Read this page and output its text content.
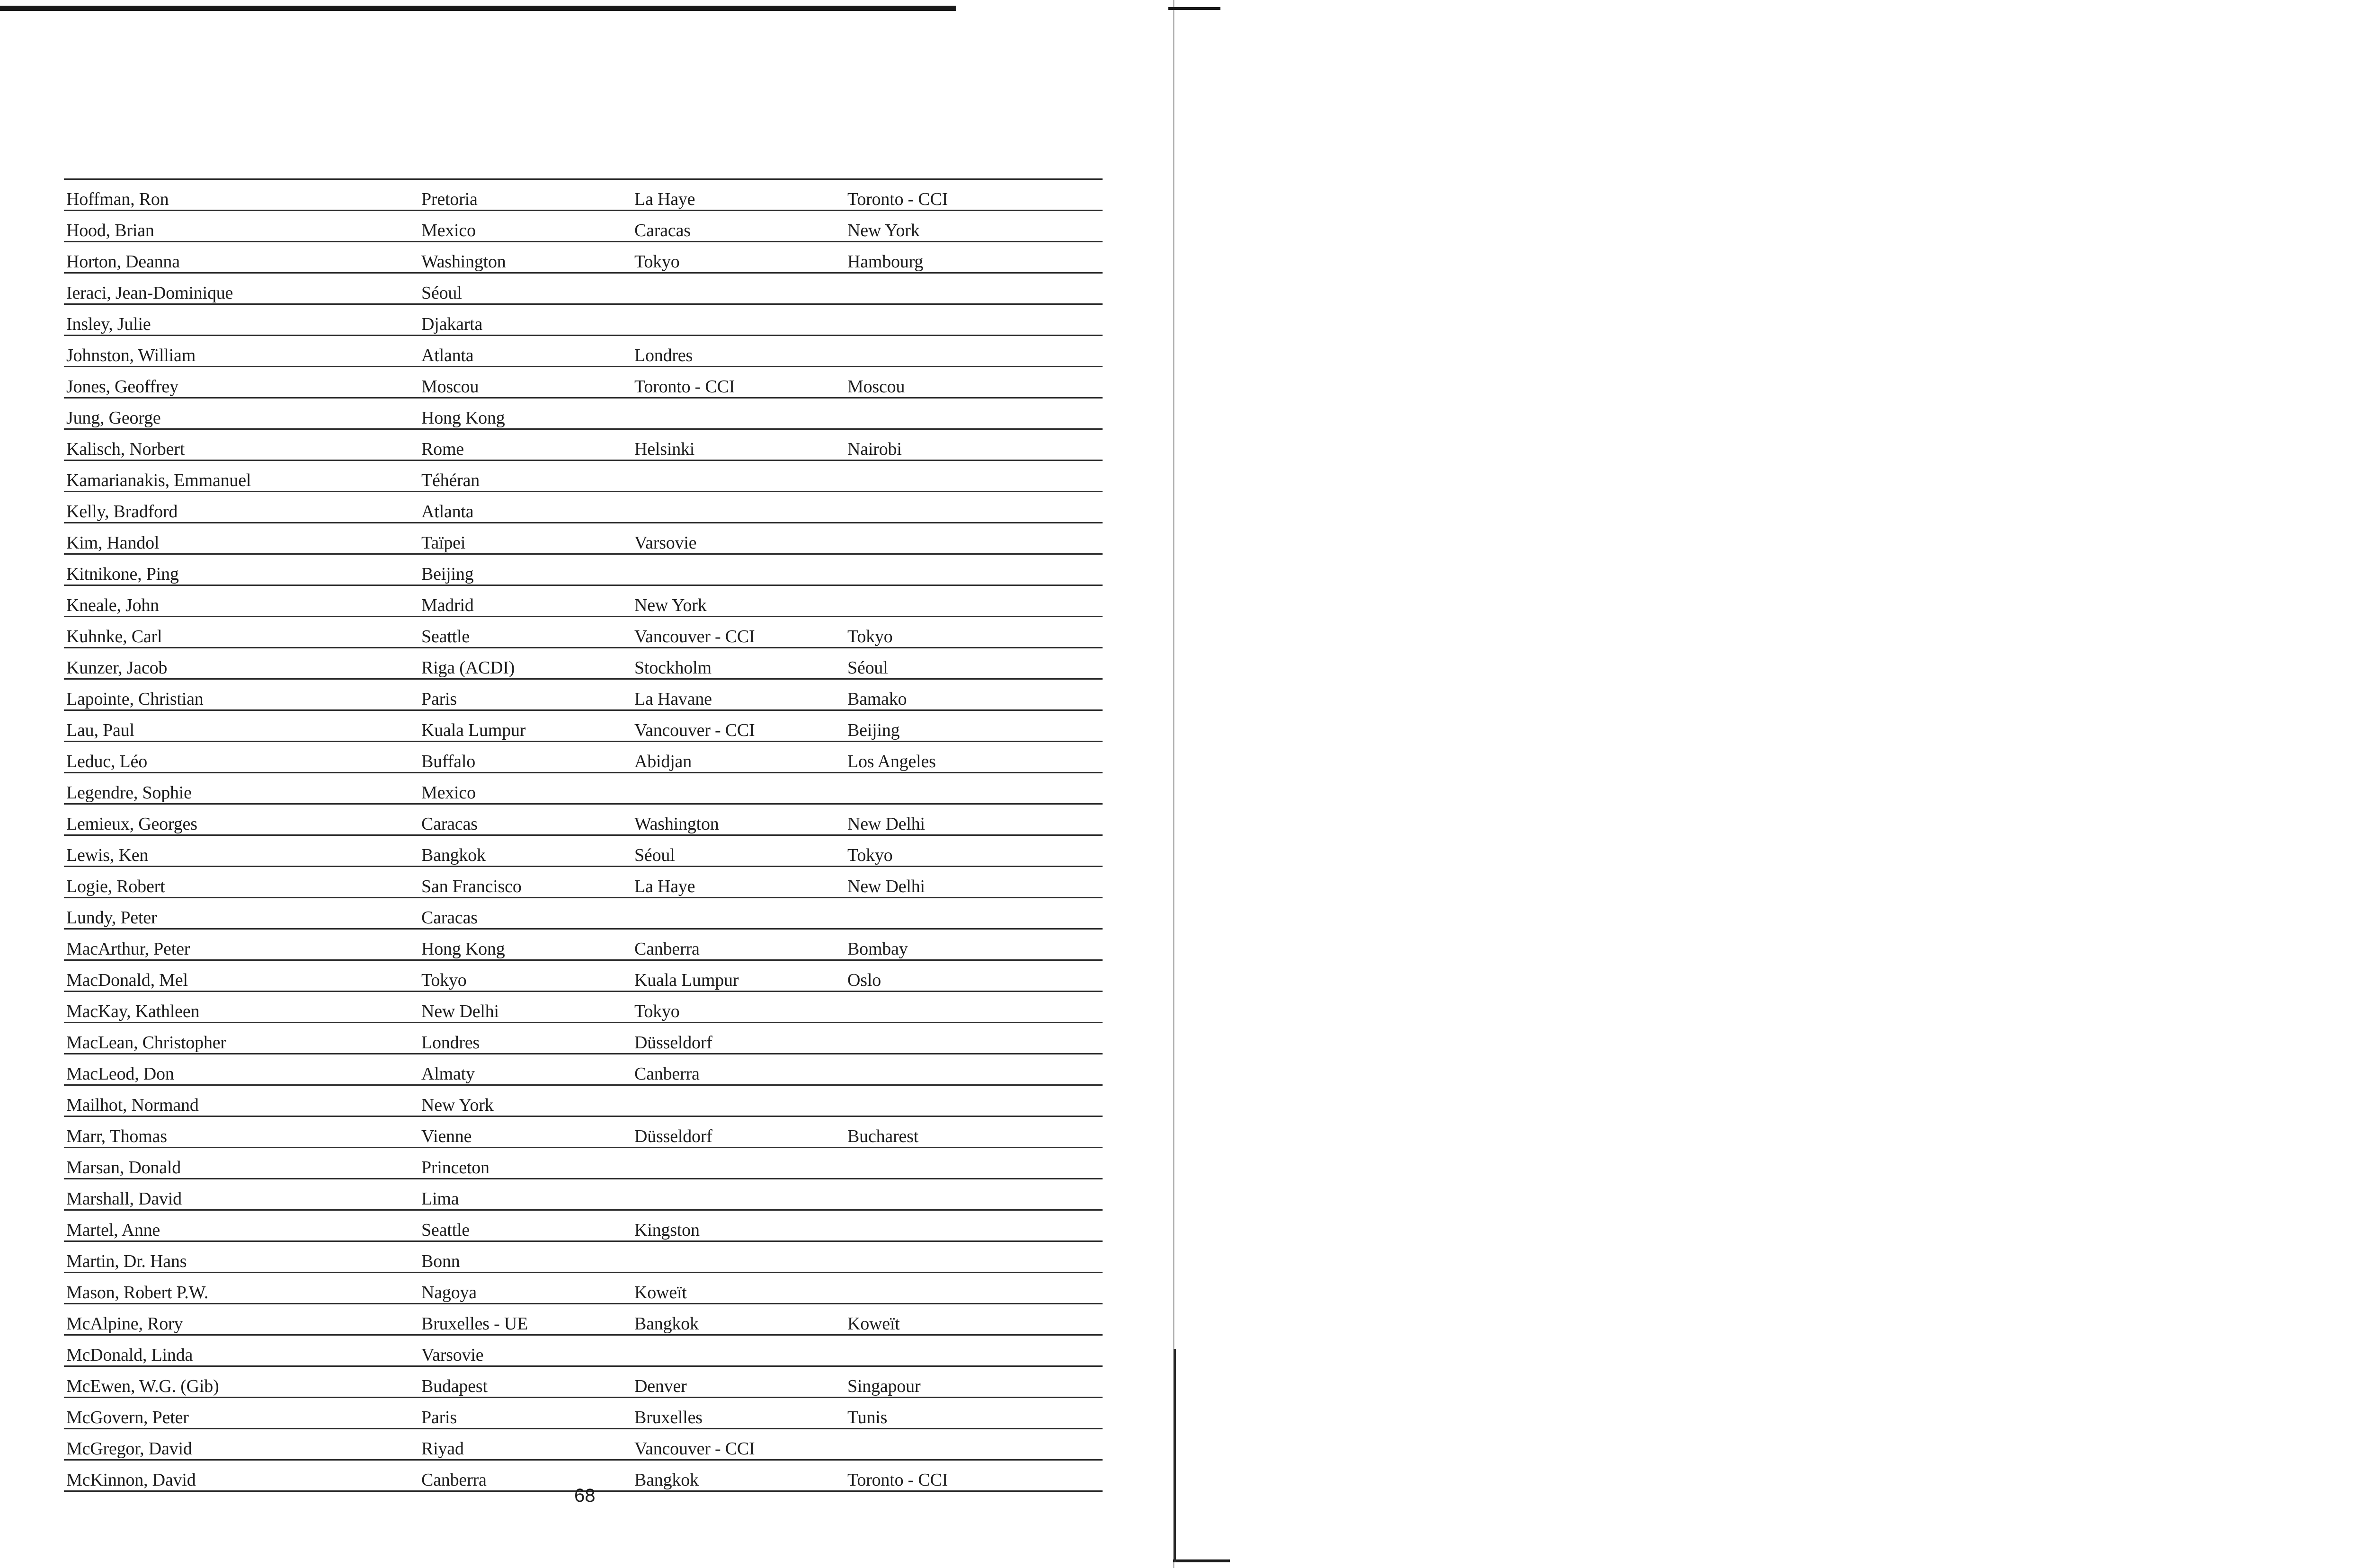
Hoffman, Ron	Pretoria	La Haye	Toronto - CCI
Hood, Brian	Mexico	Caracas	New York
Horton, Deanna	Washington	Tokyo	Hambourg
Ieraci, Jean-Dominique	Séoul
Insley, Julie	Djakarta
Johnston, William	Atlanta	Londres
Jones, Geoffrey	Moscou	Toronto - CCI	Moscou
Jung, George	Hong Kong
Kalisch, Norbert	Rome	Helsinki	Nairobi
Kamarianakis, Emmanuel	Téhéran
Kelly, Bradford	Atlanta
Kim, Handol	Taïpei	Varsovie
Kitnikone, Ping	Beijing
Kneale, John	Madrid	New York
Kuhnke, Carl	Seattle	Vancouver - CCI	Tokyo
Kunzer, Jacob	Riga (ACDI)	Stockholm	Séoul
Lapointe, Christian	Paris	La Havane	Bamako
Lau, Paul	Kuala Lumpur	Vancouver - CCI	Beijing
Leduc, Léo	Buffalo	Abidjan	Los Angeles
Legendre, Sophie	Mexico
Lemieux, Georges	Caracas	Washington	New Delhi
Lewis, Ken	Bangkok	Séoul	Tokyo
Logie, Robert	San Francisco	La Haye	New Delhi
Lundy, Peter	Caracas
MacArthur, Peter	Hong Kong	Canberra	Bombay
MacDonald, Mel	Tokyo	Kuala Lumpur	Oslo
MacKay, Kathleen	New Delhi	Tokyo
MacLean, Christopher	Londres	Düsseldorf
MacLeod, Don	Almaty	Canberra
Mailhot, Normand	New York
Marr, Thomas	Vienne	Düsseldorf	Bucharest
Marsan, Donald	Princeton
Marshall, David	Lima
Martel, Anne	Seattle	Kingston
Martin, Dr. Hans	Bonn
Mason, Robert P.W.	Nagoya	Koweït
McAlpine, Rory	Bruxelles - UE	Bangkok	Koweït
McDonald, Linda	Varsovie
McEwen, W.G. (Gib)	Budapest	Denver	Singapour
McGovern, Peter	Paris	Bruxelles	Tunis
McGregor, David	Riyad	Vancouver - CCI
McKinnon, David	Canberra	Bangkok	Toronto - CCI
68
